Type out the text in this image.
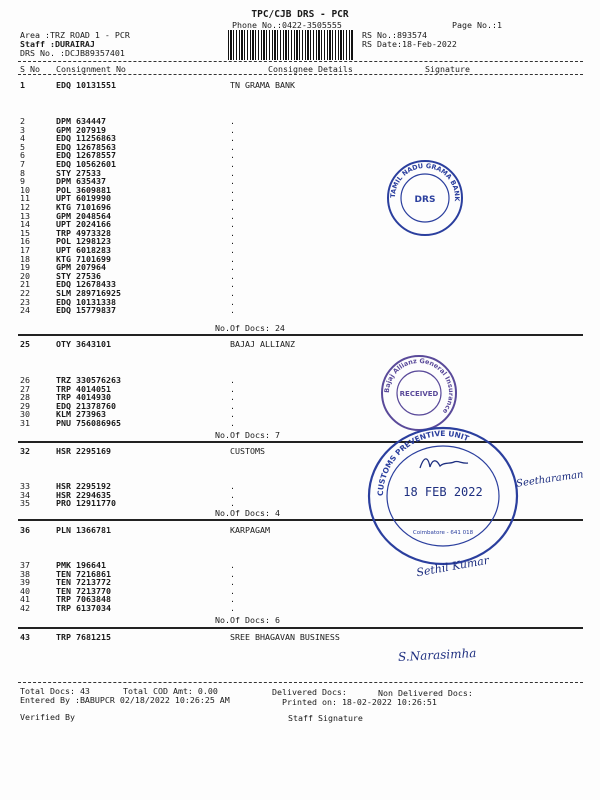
TPC/CJB DRS - PCR
Phone No.:0422-3505555	Page No.:1
Area :TRZ ROAD 1 - PCR
Staff :DURAIRAJ
DRS No. :DCJB89357401
RS No.:893574
RS Date:18-Feb-2022
S No Consignment No	Consignee Details	Signature
1	EDQ 10131551	TN GRAMA BANK
2	DPM 634447	.
3	GPM 207919	.
4	EDQ 11256863	.
5	EDQ 12678563	.
6	EDQ 12678557	.
7	EDQ 10562601	.
8	STY 27533	.
9	DPM 635437	.
10	POL 3609881	.
11	UPT 6019990	.
12	KTG 7101696	.
13	GPM 2048564	.
14	UPT 2024166	.
15	TRP 4973328	.
16	POL 1298123	.
17	UPT 6018283	.
18	KTG 7101699	.
19	GPM 207964	.
20	STY 27536	.
21	EDQ 12678433	.
22	SLM 289716925	.
23	EDQ 10131338	.
24	EDQ 15779837	.
No.Of Docs: 24
25	OTY 3643101	BAJAJ ALLIANZ
26	TRZ 330576263	.
27	TRP 4014051	.
28	TRP 4014930	.
29	EDQ 21378760	.
30	KLM 273963	.
31	PNU 756086965	.
No.Of Docs: 7
32	HSR 2295169	CUSTOMS
33	HSR 2295192	.
34	HSR 2294635	.
35	PRO 12911770	.
No.Of Docs: 4
36	PLN 1366781	KARPAGAM
37	PMK 196641	.
38	TEN 7216861	.
39	TEN 7213772	.
40	TEN 7213770	.
41	TRP 7063848	.
42	TRP 6137034	.
No.Of Docs: 6
43	TRP 7681215	SREE BHAGAVAN BUSINESS
Total Docs: 43	Total COD Amt: 0.00	Delivered Docs:	Non Delivered Docs:
Entered By :BABUPCR 02/18/2022 10:26:25 AM	Printed on: 18-02-2022 10:26:51
Verified By	Staff Signature
TAMIL NADU GRAMA BANK
DRS
Bajaj Allianz General Insurance
RECEIVED
CUSTOMS PREVENTIVE UNIT
18 FEB 2022
Coimbatore - 641 018
Seetharaman
Sethil Kumar
S.Narasimha
